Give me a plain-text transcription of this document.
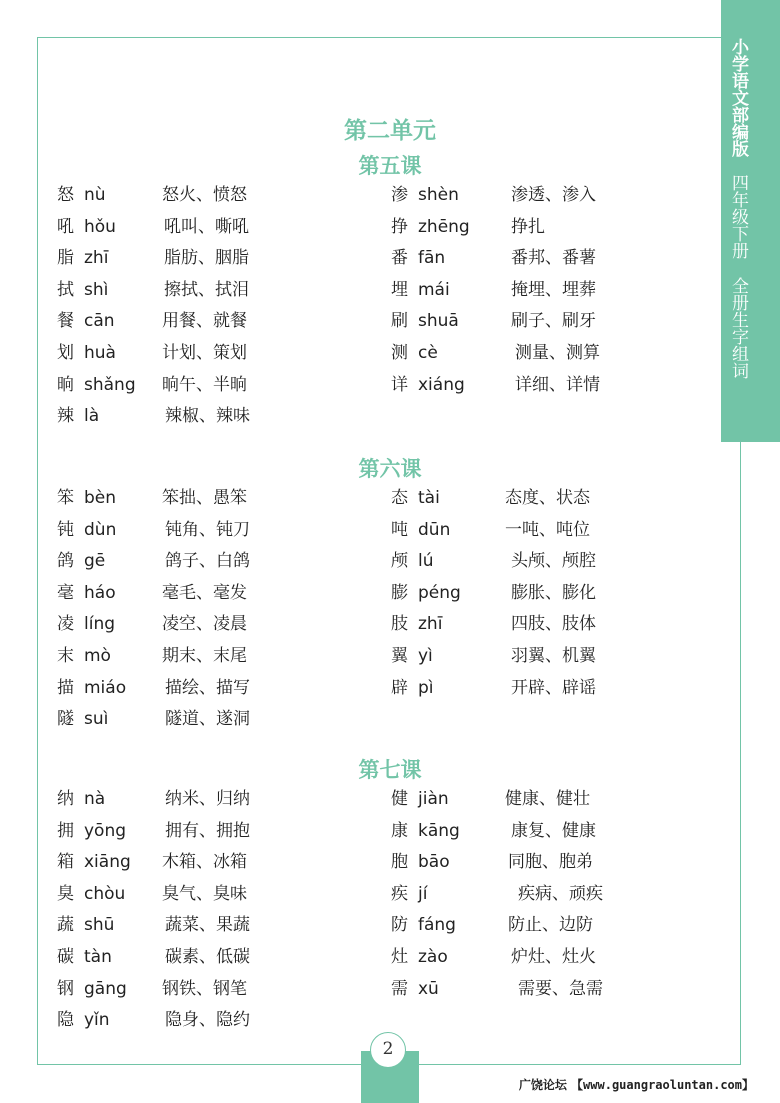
小学语文部编版 四年级下册 全册生字组词
第二单元
第五课
怒 nù	怒火、愤怒
吼 hǒu	吼叫、嘶吼
脂 zhī	脂肪、胭脂
拭 shì	擦拭、拭泪
餐 cān	用餐、就餐
划 huà	计划、策划
晌 shǎng 晌午、半晌
辣 là	辣椒、辣味
渗 shèn	渗透、渗入
挣 zhēng 挣扎
番 fān	番邦、番薯
埋 mái	掩埋、埋葬
刷 shuā	刷子、刷牙
测 cè	测量、测算
详 xiáng	详细、详情
第六课
笨 bèn	笨拙、愚笨
钝 dùn	钝角、钝刀
鸽 gē	鸽子、白鸽
毫 háo	毫毛、毫发
凌 líng	凌空、凌晨
末 mò	期末、末尾
描 miáo 描绘、描写
隧 suì	隧道、遂洞
态 tài	态度、状态
吨 dūn	一吨、吨位
颅 lú	头颅、颅腔
膨 péng	膨胀、膨化
肢 zhī	四肢、肢体
翼 yì	羽翼、机翼
辟 pì	开辟、辟谣
第七课
纳 nà	纳米、归纳
拥 yōng 拥有、拥抱
箱 xiāng 木箱、冰箱
臭 chòu 臭气、臭味
蔬 shū	蔬菜、果蔬
碳 tàn	碳素、低碳
钢 gāng 钢铁、钢笔
隐 yǐn	隐身、隐约
健 jiàn	健康、健壮
康 kāng	康复、健康
胞 bāo	同胞、胞弟
疾 jí	疾病、顽疾
防 fáng	防止、边防
灶 zào	炉灶、灶火
需 xū	需要、急需
2
广饶论坛 【www.guangraoluntan.com】
